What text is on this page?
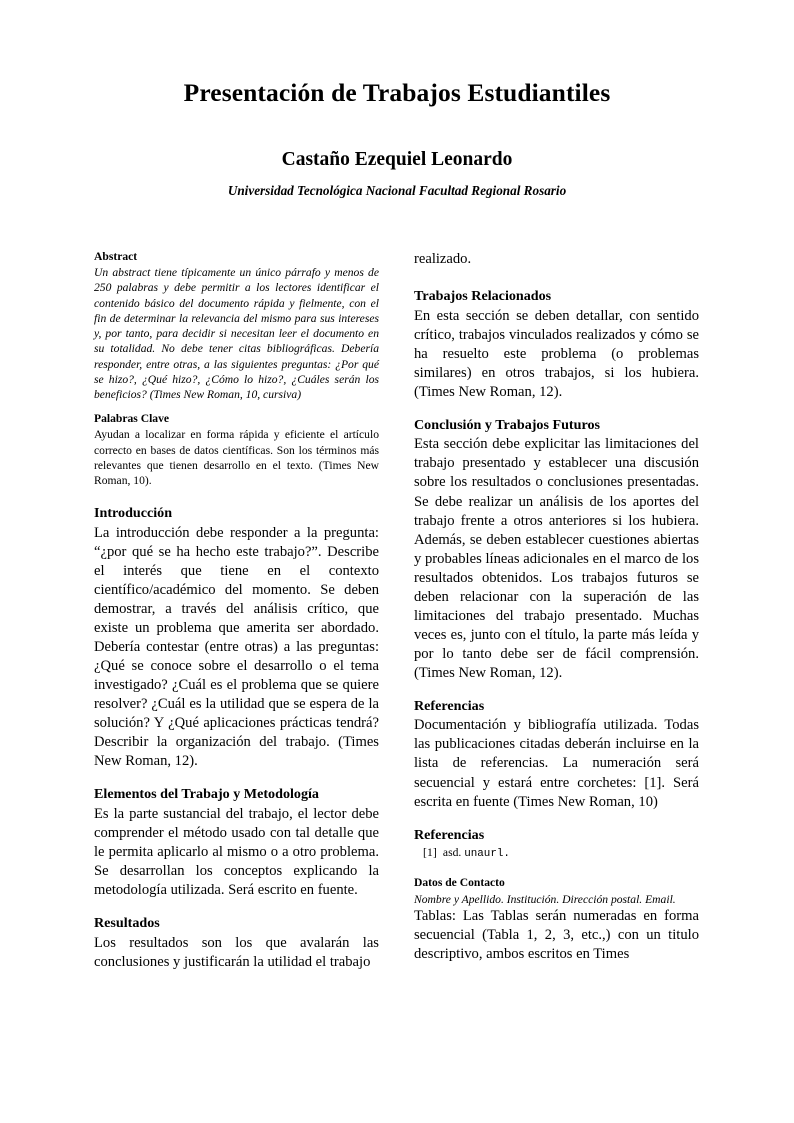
Presentación de Trabajos Estudiantiles
Castaño Ezequiel Leonardo
Universidad Tecnológica Nacional Facultad Regional Rosario
Abstract

Un abstract tiene típicamente un único párrafo y menos de 250 palabras y debe permitir a los lectores identificar el contenido básico del documento rápida y fielmente, con el fin de determinar la relevancia del mismo para sus intereses y, por tanto, para decidir si necesitan leer el documento en su totalidad. No debe tener citas bibliográficas. Debería responder, entre otras, a las siguientes preguntas: ¿Por qué se hizo?, ¿Qué hizo?, ¿Cómo lo hizo?, ¿Cuáles serán los beneficios? (Times New Roman, 10, cursiva)

Palabras Clave

Ayudan a localizar en forma rápida y eficiente el artículo correcto en bases de datos científicas. Son los términos más relevantes que tienen desarrollo en el texto. (Times New Roman, 10).

Introducción

La introducción debe responder a la pregunta: “¿por qué se ha hecho este trabajo?”. Describe el interés que tiene en el contexto científico/académico del momento. Se deben demostrar, a través del análisis crítico, que existe un problema que amerita ser abordado. Debería contestar (entre otras) a las preguntas: ¿Qué se conoce sobre el desarrollo o el tema investigado? ¿Cuál es el problema que se quiere resolver? ¿Cuál es la utilidad que se espera de la solución? Y ¿Qué aplicaciones prácticas tendrá? Describir la organización del trabajo. (Times New Roman, 12).

Elementos del Trabajo y Metodología

Es la parte sustancial del trabajo, el lector debe comprender el método usado con tal detalle que le permita aplicarlo al mismo o a otro problema. Se desarrollan los conceptos explicando la metodología utilizada. Será escrito en fuente.

Resultados

Los resultados son los que avalarán las conclusiones y justificarán la utilidad el trabajo

realizado.

Trabajos Relacionados

En esta sección se deben detallar, con sentido crítico, trabajos vinculados realizados y cómo se ha resuelto este problema (o problemas similares) en otros trabajos, si los hubiera. (Times New Roman, 12).

Conclusión y Trabajos Futuros

Esta sección debe explicitar las limitaciones del trabajo presentado y establecer una discusión sobre los resultados o conclusiones presentadas. Se debe realizar un análisis de los aportes del trabajo frente a otros anteriores si los hubiera. Además, se deben establecer cuestiones abiertas y probables líneas adicionales en el marco de los resultados obtenidos. Los trabajos futuros se deben relacionar con la superación de las limitaciones del trabajo presentado. Muchas veces es, junto con el título, la parte más leída y por lo tanto debe ser de fácil comprensión. (Times New Roman, 12).

Referencias

Documentación y bibliografía utilizada. Todas las publicaciones citadas deberán incluirse en la lista de referencias. La numeración será secuencial y estará entre corchetes: [1]. Será escrita en fuente (Times New Roman, 10)

Referencias

[1] asd. unaurl.

Datos de Contacto

Nombre y Apellido. Institución. Dirección postal. Email.

Tablas: Las Tablas serán numeradas en forma secuencial (Tabla 1, 2, 3, etc.,) con un titulo descriptivo, ambos escritos en Times
